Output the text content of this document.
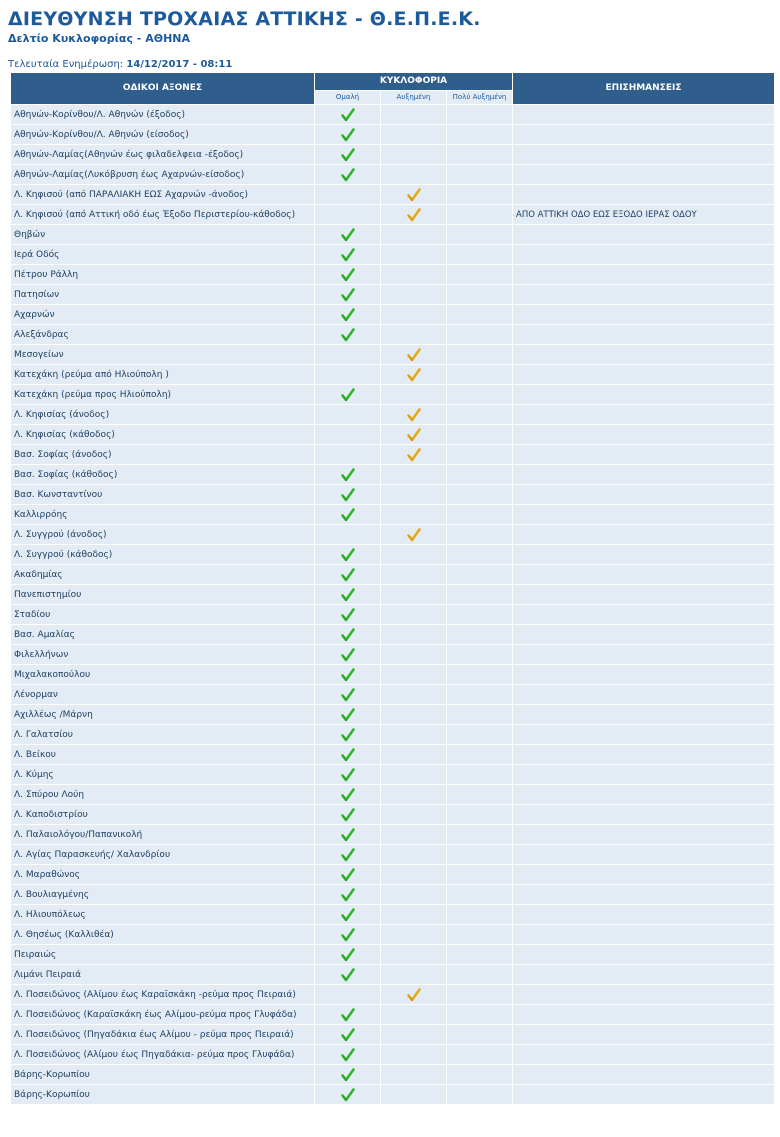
ΔΙΕΥΘΥΝΣΗ ΤΡΟΧΑΙΑΣ ΑΤΤΙΚΗΣ - Θ.Ε.Π.Ε.Κ.
Δελτίο Κυκλοφορίας - ΑΘΗΝΑ
Τελευταία Ενημέρωση: 14/12/2017 - 08:11
ΟΔΙΚΟΙ ΑΞΟΝΕΣ	ΚΥΚΛΟΦΟΡΙΑ			ΕΠΙΣΗΜΑΝΣΕΙΣ
	Ομαλή	Αυξημένη	Πολύ Αυξημένη	
Αθηνών-Κορίνθου/Λ. Αθηνών (έξοδος)	

Αθηνών-Κορίνθου/Λ. Αθηνών (είσοδος)	

Αθηνών-Λαμίας(Αθηνών έως φιλαδελφεια -έξοδος)	

Αθηνών-Λαμίας(Λυκόβρυση έως Αχαρνών-είσοδος)	

Λ. Κηφισού (από ΠΑΡΑΛΙΑΚΗ ΕΩΣ Αχαρνών -άνοδος)		

Λ. Κηφισού (από Αττική οδό έως Έξοδο Περιστερίου-κάθοδος)				ΑΠΟ ΑΤΤΙΚΗ ΟΔΟ ΕΩΣ ΕΞΟΔΟ ΙΕΡΑΣ ΟΔΟΥ
Θηβών	

Ιερά Οδός	

Πέτρου Ράλλη	

Πατησίων	

Αχαρνών	

Αλεξάνδρας	

Μεσογείων		

Κατεχάκη (ρεύμα από Ηλιούπολη )		

Κατεχάκη (ρεύμα προς Ηλιούπολη)	

Λ. Κηφισίας (άνοδος)		

Λ. Κηφισίας (κάθοδος)		

Βασ. Σοφίας (άνοδος)		

Βασ. Σοφίας (κάθοδος)	

Βασ. Κωνσταντίνου	

Καλλιρρόης	

Λ. Συγγρού (άνοδος)		

Λ. Συγγρού (κάθοδος)	

Ακαδημίας	

Πανεπιστημίου	

Σταδίου	

Βασ. Αμαλίας	

Φιλελλήνων	

Μιχαλακοπούλου	

Λένορμαν	

Αχιλλέως /Μάρνη	

Λ. Γαλατσίου	

Λ. Βείκου	

Λ. Κύμης	

Λ. Σπύρου Λούη	

Λ. Καποδιστρίου	

Λ. Παλαιολόγου/Παπανικολή	

Λ. Αγίας Παρασκευής/ Χαλανδρίου	

Λ. Μαραθώνος	

Λ. Βουλιαγμένης	

Λ. Ηλιουπόλεως	

Λ. Θησέως (Καλλιθέα)	

Πειραιώς	

Λιμάνι Πειραιά	

Λ. Ποσειδώνος (Αλίμου έως Καραϊσκάκη -ρεύμα προς Πειραιά)		

Λ. Ποσειδώνος (Καραϊσκάκη έως Αλίμου-ρεύμα προς Γλυφάδα)	

Λ. Ποσειδώνος (Πηγαδάκια έως Αλίμου - ρεύμα προς Πειραιά)	

Λ. Ποσειδώνος (Αλίμου έως Πηγαδάκια- ρεύμα προς Γλυφάδα)	

Βάρης-Κορωπίου	

Βάρης-Κορωπίου	
